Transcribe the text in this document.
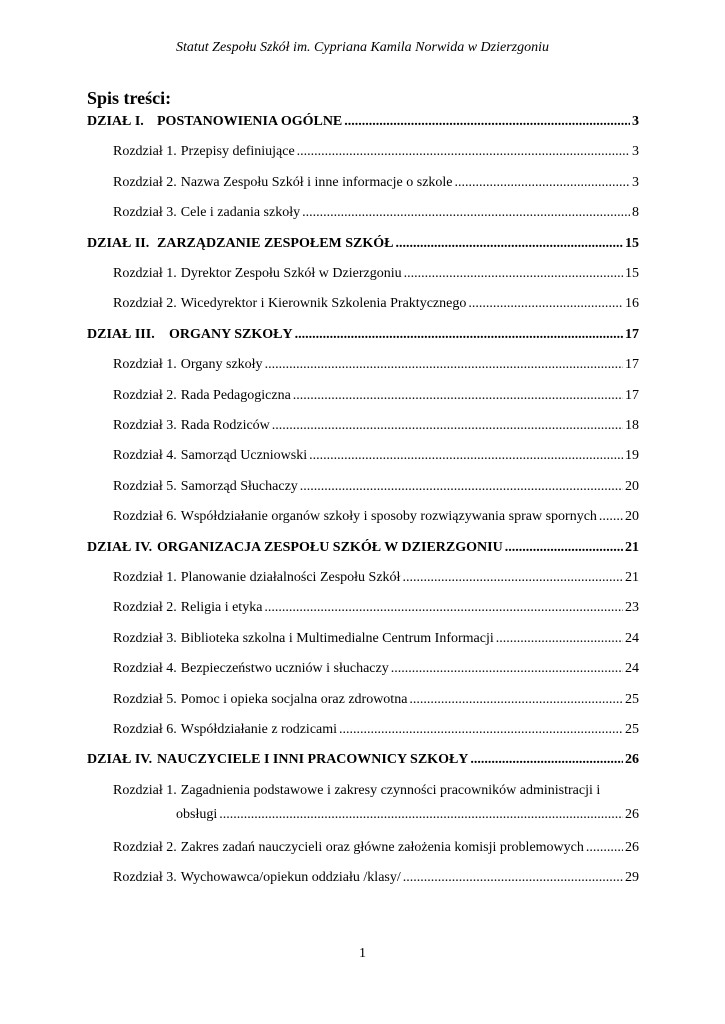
Statut Zespołu Szkół im. Cypriana Kamila Norwida w Dzierzgoniu
Spis treści:
DZIAŁ I. POSTANOWIENIA OGÓLNE .....	3
Rozdział 1. Przepisy definiujące .....	3
Rozdział 2. Nazwa Zespołu Szkół i inne informacje o szkole .....	3
Rozdział 3. Cele i zadania szkoły .....	8
DZIAŁ II. ZARZĄDZANIE ZESPOŁEM SZKÓŁ .....	15
Rozdział 1. Dyrektor Zespołu Szkół w Dzierzgoniu .....	15
Rozdział 2. Wicedyrektor i Kierownik Szkolenia Praktycznego .....	16
DZIAŁ III.	ORGANY SZKOŁY .....	17
Rozdział 1. Organy szkoły .....	17
Rozdział 2. Rada Pedagogiczna .....	17
Rozdział 3. Rada Rodziców .....	18
Rozdział 4. Samorząd Uczniowski .....	19
Rozdział 5. Samorząd Słuchaczy .....	20
Rozdział 6. Współdziałanie organów szkoły i sposoby rozwiązywania spraw spornych ..... 20
DZIAŁ IV. ORGANIZACJA ZESPOŁU SZKÓŁ W DZIERZGONIU .....	21
Rozdział 1. Planowanie działalności Zespołu Szkół .....	21
Rozdział 2. Religia i etyka .....	23
Rozdział 3. Biblioteka szkolna i Multimedialne Centrum Informacji .....	24
Rozdział 4. Bezpieczeństwo uczniów i słuchaczy .....	24
Rozdział 5. Pomoc i opieka socjalna oraz zdrowotna .....	25
Rozdział 6. Współdziałanie z rodzicami .....	25
DZIAŁ IV. NAUCZYCIELE I INNI PRACOWNICY SZKOŁY .....	26
Rozdział 1. Zagadnienia podstawowe i zakresy czynności pracowników administracji i
obsługi .....	26
Rozdział 2. Zakres zadań nauczycieli oraz główne założenia komisji problemowych .....	26
Rozdział 3. Wychowawca/opiekun oddziału /klasy/ .....	29
1
